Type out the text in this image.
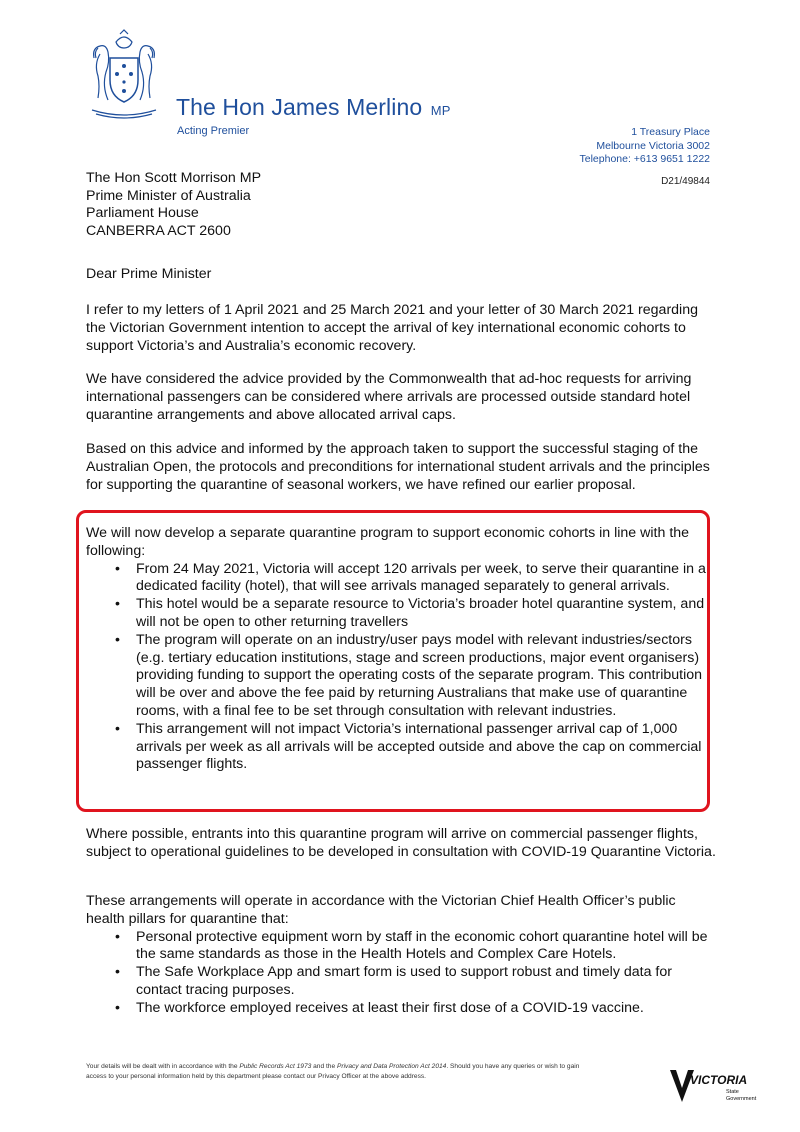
The Hon James Merlino MP
Acting Premier	1 Treasury Place
Melbourne Victoria 3002
Telephone: +613 9651 1222
D21/49844
The Hon Scott Morrison MP
Prime Minister of Australia
Parliament House
CANBERRA ACT 2600
Dear Prime Minister

I refer to my letters of 1 April 2021 and 25 March 2021 and your letter of 30 March 2021 regarding the Victorian Government intention to accept the arrival of key international economic cohorts to support Victoria’s and Australia’s economic recovery.

We have considered the advice provided by the Commonwealth that ad-hoc requests for arriving international passengers can be considered where arrivals are processed outside standard hotel quarantine arrangements and above allocated arrival caps.

Based on this advice and informed by the approach taken to support the successful staging of the Australian Open, the protocols and preconditions for international student arrivals and the principles for supporting the quarantine of seasonal workers, we have refined our earlier proposal.

We will now develop a separate quarantine program to support economic cohorts in line with the following:

• From 24 May 2021, Victoria will accept 120 arrivals per week, to serve their quarantine in a dedicated facility (hotel), that will see arrivals managed separately to general arrivals.
• This hotel would be a separate resource to Victoria’s broader hotel quarantine system, and will not be open to other returning travellers
• The program will operate on an industry/user pays model with relevant industries/sectors (e.g. tertiary education institutions, stage and screen productions, major event organisers) providing funding to support the operating costs of the separate program. This contribution will be over and above the fee paid by returning Australians that make use of quarantine rooms, with a final fee to be set through consultation with relevant industries.
• This arrangement will not impact Victoria’s international passenger arrival cap of 1,000 arrivals per week as all arrivals will be accepted outside and above the cap on commercial passenger flights.

Where possible, entrants into this quarantine program will arrive on commercial passenger flights, subject to operational guidelines to be developed in consultation with COVID-19 Quarantine Victoria.

These arrangements will operate in accordance with the Victorian Chief Health Officer’s public health pillars for quarantine that:

• Personal protective equipment worn by staff in the economic cohort quarantine hotel will be the same standards as those in the Health Hotels and Complex Care Hotels.
• The Safe Workplace App and smart form is used to support robust and timely data for contact tracing purposes.
• The workforce employed receives at least their first dose of a COVID-19 vaccine.
Your details will be dealt with in accordance with the Public Records Act 1973 and the Privacy and Data Protection Act 2014. Should you have any queries or wish to gain access to your personal information held by this department please contact our Privacy Officer at the above address.	VICTORIA
State
Government
